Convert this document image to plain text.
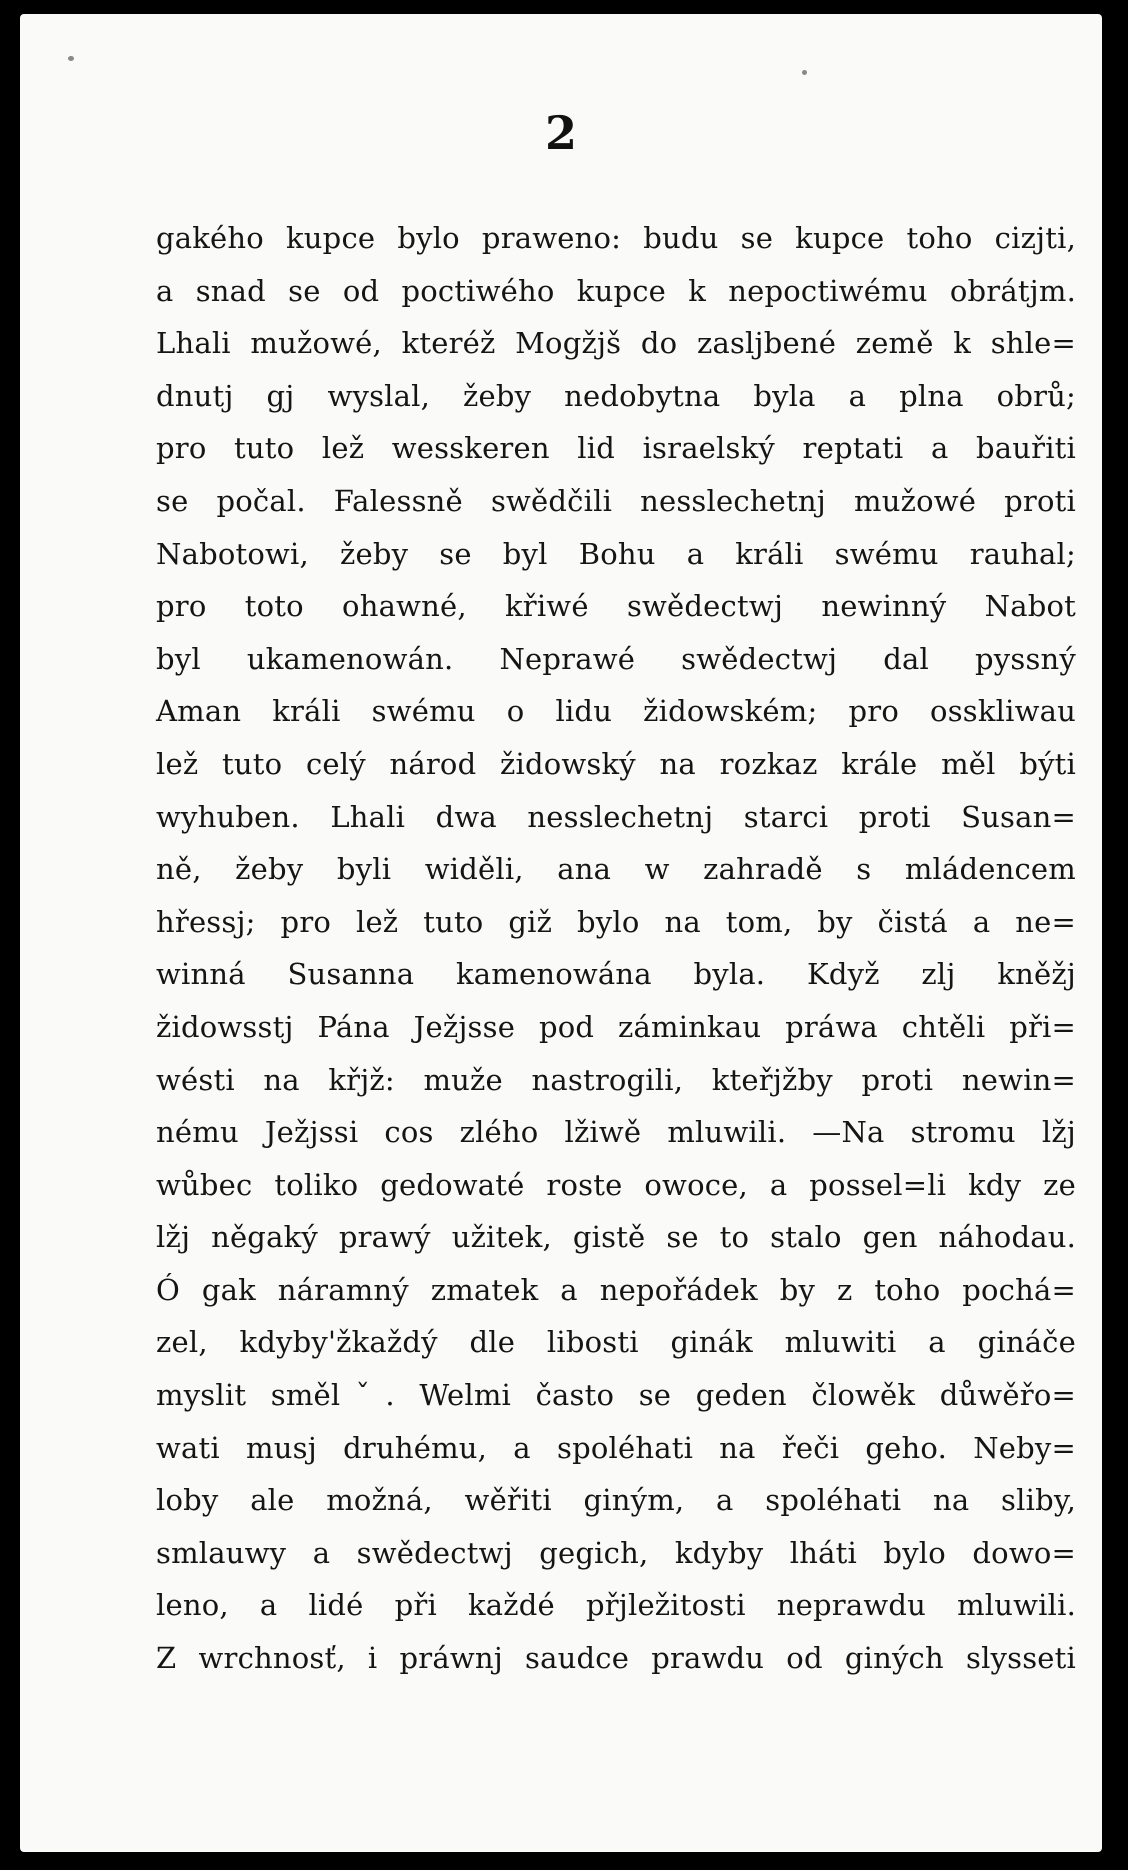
2
gakého kupce bylo prawenо: budu se kupce toho cizjti,
a snad se od poctiwého kupce k nepoctiwému obrátjm.
Lhali mužowé, kteréž Mogžjš do zaslјbené země k shle=
dnutj gj wyslal, žeby nedobytna byla a plna obrů;
pro tuto lež wesskeren lid israelský reptati a bauřiti
se počal. Falessně swědčili nesslechetnj mužowé proti
Nabotowi, žeby se byl Bohu a králi swému rauhal;
pro toto ohawné, křiwé swědectwj newinný Nabot
byl ukamenowán. Neprawé swědectwj dal pyssný
Aman králi swému o lidu židowském; pro osskliwau
lež tuto celý národ židowský na rozkaz krále měl býti
wyhuben. Lhali dwa nesslechetnj starci proti Susan=
ně, žeby byli widěli, ana w zahradě s mládencem
hřessj; pro lež tuto giž bylo na tom, by čistá a ne=
winná Susanna kamenowána byla. Když zlj kněžj
židowsstj Pána Ježjsse pod záminkau práwa chtěli při=
wésti na křjž: muže nastrogili, kteřjžby proti newin=
nému Ježjssi cos zlého lžiwě mluwili. —Na stromu lžj
wůbec toliko gedowaté roste owoce, a possel=li kdy ze
lžj něgaký prawý užitek, gistě se to stalo gen náhodau.
Ó gak náramný zmatek a nepořádek by z toho pochá=
zel, kdyby'žkaždý dle libosti ginák mluwiti a gináče
myslit smělˇ. Welmi často se geden člowěk důwěřo=
wati musj druhému, a spoléhati na řeči geho. Neby=
loby ale možná, wěřiti giným, a spoléhati na sliby,
smlauwy a swědectwj gegich, kdyby lháti bylo dowo=
leno, a lidé při každé přjležitosti neprawdu mluwili.
Z wrchnosť, i práwnj saudce prawdu od giných slyssetі
